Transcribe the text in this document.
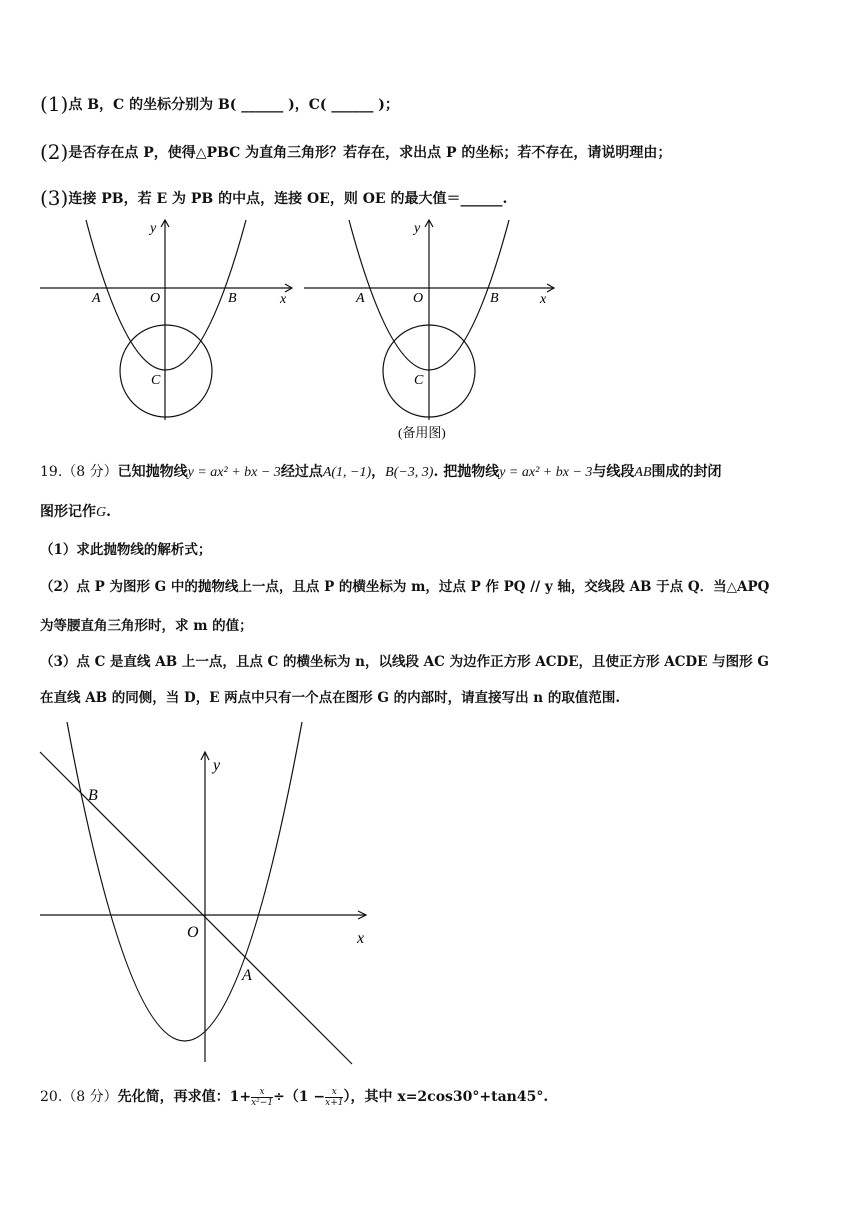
(1)点 B，C 的坐标分别为 B( ______ )，C( ______ )；
(2)是否存在点 P，使得△PBC 为直角三角形？若存在，求出点 P 的坐标；若不存在，请说明理由；
(3)连接 PB，若 E 为 PB 的中点，连接 OE，则 OE 的最大值＝______.
y
x
A	O	B
C
y
x
A	O	B
C
(备用图)
y
x
B
O
A
19.（8 分）已知抛物线y = ax² + bx − 3经过点A(1, −1)，B(−3, 3). 把抛物线y = ax² + bx − 3与线段AB围成的封闭
图形记作G.
（1）求此抛物线的解析式；
（2）点 P 为图形 G 中的抛物线上一点，且点 P 的横坐标为 m，过点 P 作 PQ // y 轴，交线段 AB 于点 Q．当△APQ
为等腰直角三角形时，求 m 的值；
（3）点 C 是直线 AB 上一点，且点 C 的横坐标为 n，以线段 AC 为边作正方形 ACDE，且使正方形 ACDE 与图形 G
在直线 AB 的同侧，当 D，E 两点中只有一个点在图形 G 的内部时，请直接写出 n 的取值范围.
20.（8 分）先化简，再求值：$1+ \frac{x}{\text{x²−1}} \div(1 - \frac{x}{x+1}$ ），其中 x=2cos30°+tan45°.
